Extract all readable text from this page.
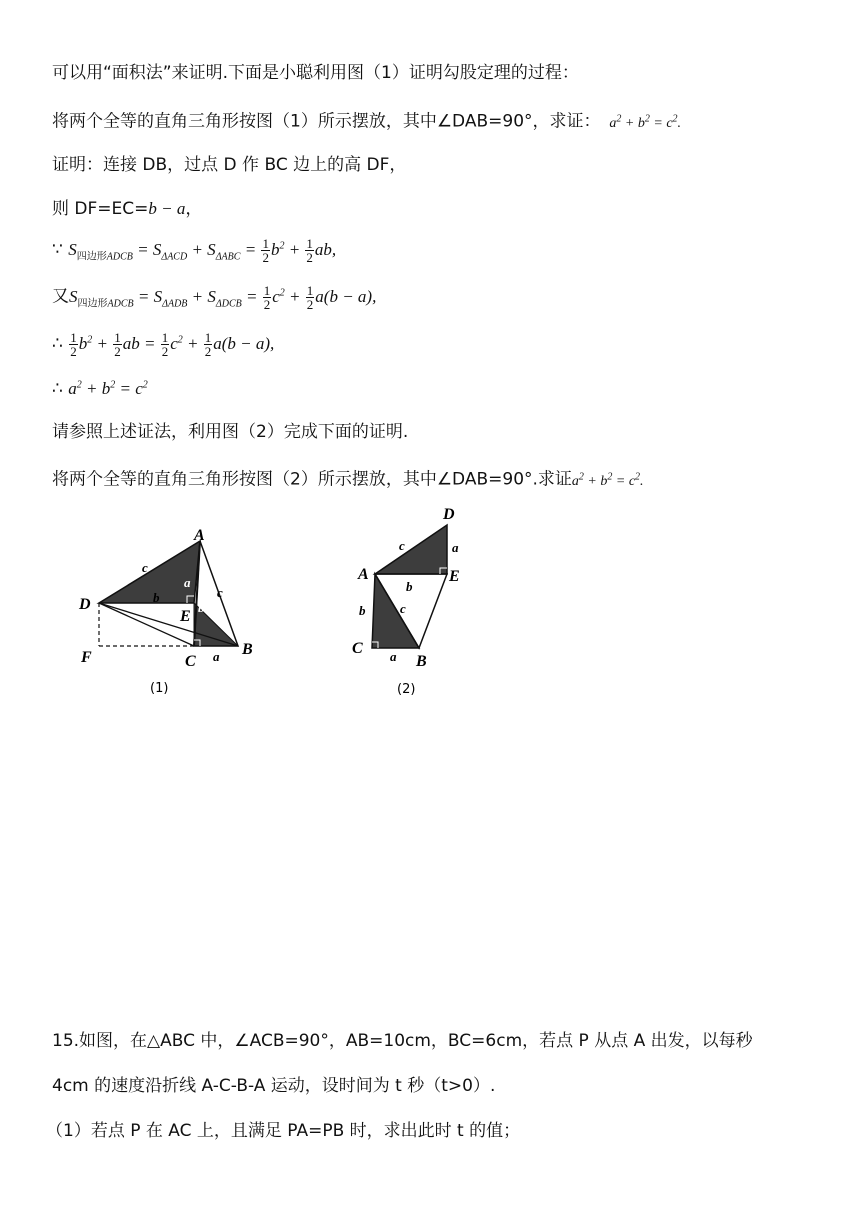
可以用“面积法”来证明.下面是小聪利用图（1）证明勾股定理的过程：
将两个全等的直角三角形按图（1）所示摆放，其中∠DAB=90°，求证：  $a^2 + b^2 = c^2$.
证明：连接 DB，过点 D 作 BC 边上的高 DF，
则 DF=EC=b − a，
∵ $S_{四边形ADCB} = S_{\Delta ACD} + S_{\Delta ABC} = \frac{1}{2} b^2 + \frac{1}{2}$ ab,
又$S_{四边形ADCB} = S_{\Delta ADB} + S_{\Delta DCB} = \frac{1}{2} c^2 + \frac{1}{2} a(b - a)$,
∴ $\frac{1}{2} b^2 + \frac{1}{2}$ ab = $\frac{1}{2} c^2 + \frac{1}{2} a(b - a)$,
∴ $a^2 + b^2 = c^2$
请参照上述证法，利用图（2）完成下面的证明.
将两个全等的直角三角形按图（2）所示摆放，其中∠DAB=90°.求证$a^2 + b^2 = c^2$.
A
B
C
D
E
F
a
a
b
b
c
c
(1)
A
B
C
D
E
a
a
b
b
c
c
(2)
15.如图，在△ABC 中，∠ACB=90°，AB=10cm，BC=6cm，若点 P 从点 A 出发，以每秒
4cm 的速度沿折线 A-C-B-A 运动，设时间为 t 秒（t>0）.
（1）若点 P 在 AC 上，且满足 PA=PB 时，求出此时 t 的值；
